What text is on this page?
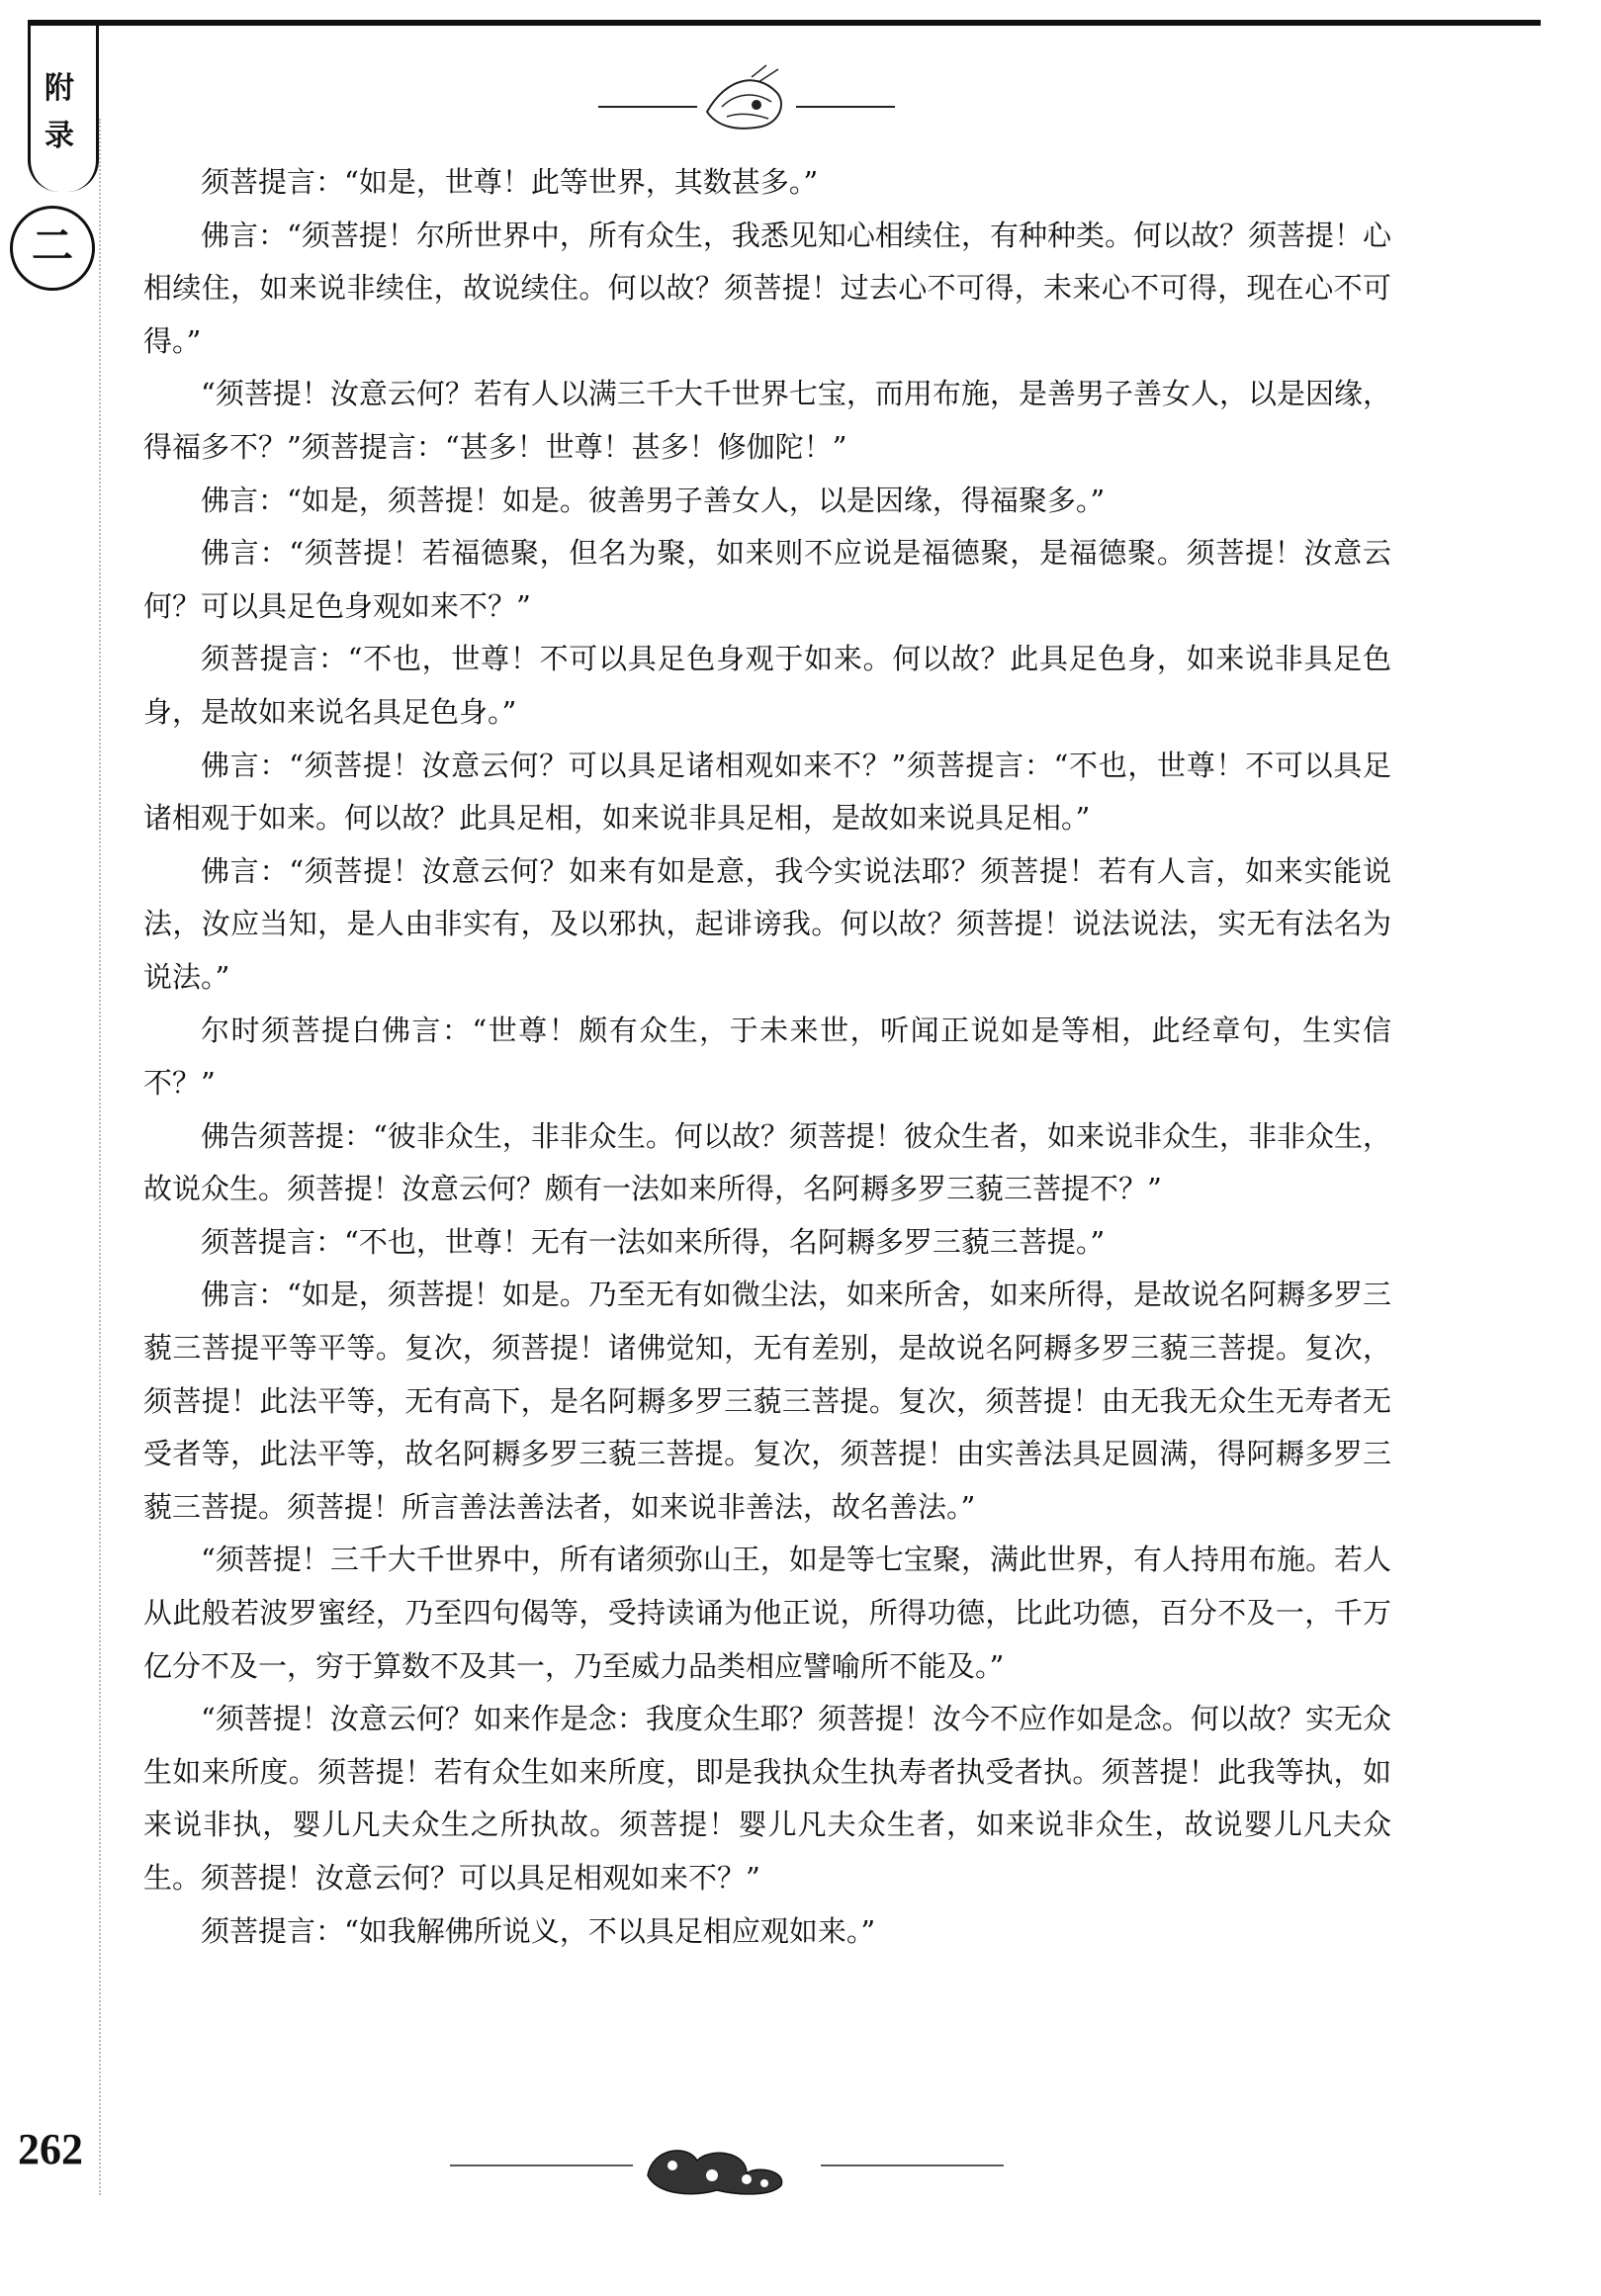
附录
二

须菩提言：“如是，世尊！此等世界，其数甚多。”

佛言：“须菩提！尔所世界中，所有众生，我悉见知心相续住，有种种类。何以故？须菩提！心相续住，如来说非续住，故说续住。何以故？须菩提！过去心不可得，未来心不可得，现在心不可得。”

“须菩提！汝意云何？若有人以满三千大千世界七宝，而用布施，是善男子善女人，以是因缘，得福多不？”须菩提言：“甚多！世尊！甚多！修伽陀！”

佛言：“如是，须菩提！如是。彼善男子善女人，以是因缘，得福聚多。”

佛言：“须菩提！若福德聚，但名为聚，如来则不应说是福德聚，是福德聚。须菩提！汝意云何？可以具足色身观如来不？”

须菩提言：“不也，世尊！不可以具足色身观于如来。何以故？此具足色身，如来说非具足色身，是故如来说名具足色身。”

佛言：“须菩提！汝意云何？可以具足诸相观如来不？”须菩提言：“不也，世尊！不可以具足诸相观于如来。何以故？此具足相，如来说非具足相，是故如来说具足相。”

佛言：“须菩提！汝意云何？如来有如是意，我今实说法耶？须菩提！若有人言，如来实能说法，汝应当知，是人由非实有，及以邪执，起诽谤我。何以故？须菩提！说法说法，实无有法名为说法。”

尔时须菩提白佛言：“世尊！颇有众生，于未来世，听闻正说如是等相，此经章句，生实信不？”

佛告须菩提：“彼非众生，非非众生。何以故？须菩提！彼众生者，如来说非众生，非非众生，故说众生。须菩提！汝意云何？颇有一法如来所得，名阿耨多罗三藐三菩提不？”

须菩提言：“不也，世尊！无有一法如来所得，名阿耨多罗三藐三菩提。”

佛言：“如是，须菩提！如是。乃至无有如微尘法，如来所舍，如来所得，是故说名阿耨多罗三藐三菩提平等平等。复次，须菩提！诸佛觉知，无有差别，是故说名阿耨多罗三藐三菩提。复次，须菩提！此法平等，无有高下，是名阿耨多罗三藐三菩提。复次，须菩提！由无我无众生无寿者无受者等，此法平等，故名阿耨多罗三藐三菩提。复次，须菩提！由实善法具足圆满，得阿耨多罗三藐三菩提。须菩提！所言善法善法者，如来说非善法，故名善法。”

“须菩提！三千大千世界中，所有诸须弥山王，如是等七宝聚，满此世界，有人持用布施。若人从此般若波罗蜜经，乃至四句偈等，受持读诵为他正说，所得功德，比此功德，百分不及一，千万亿分不及一，穷于算数不及其一，乃至威力品类相应譬喻所不能及。”

“须菩提！汝意云何？如来作是念：我度众生耶？须菩提！汝今不应作如是念。何以故？实无众生如来所度。须菩提！若有众生如来所度，即是我执众生执寿者执受者执。须菩提！此我等执，如来说非执，婴儿凡夫众生之所执故。须菩提！婴儿凡夫众生者，如来说非众生，故说婴儿凡夫众生。须菩提！汝意云何？可以具足相观如来不？”

须菩提言：“如我解佛所说义，不以具足相应观如来。”

262
